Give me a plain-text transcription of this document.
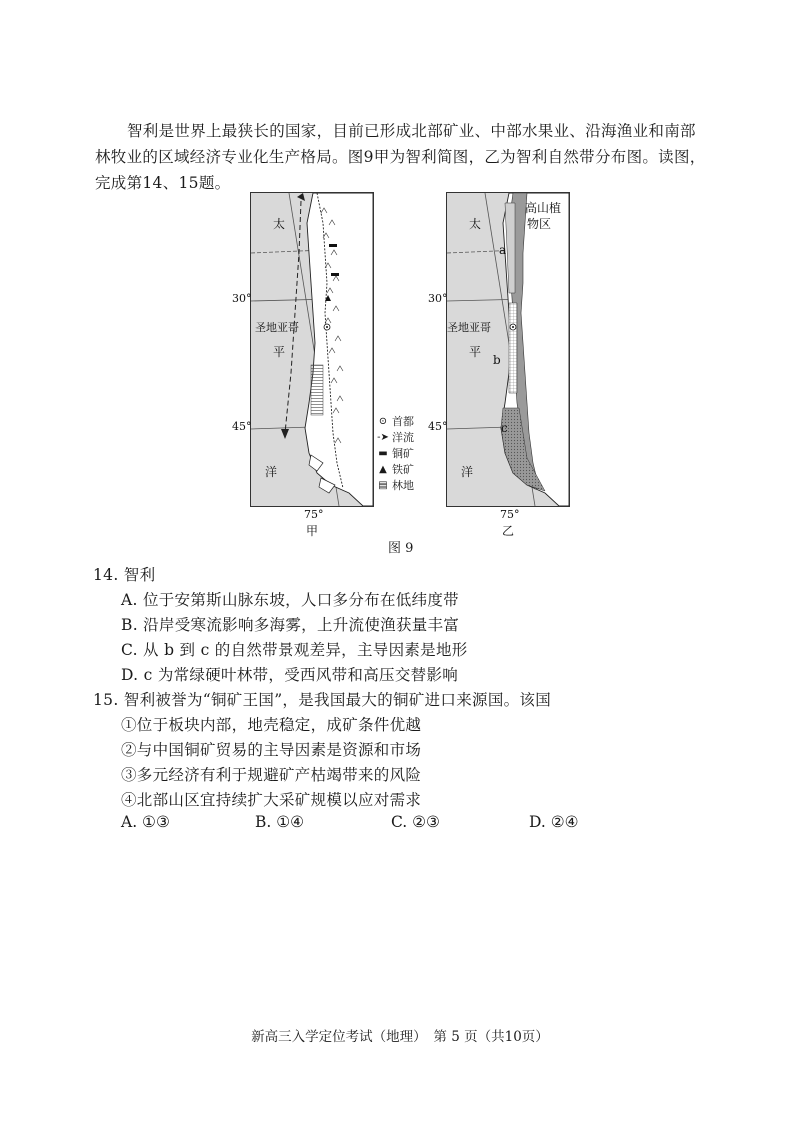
智利是世界上最狭长的国家，目前已形成北部矿业、中部水果业、沿海渔业和南部林牧业的区域经济专业化生产格局。图9甲为智利简图，乙为智利自然带分布图。读图，完成第14、15题。

太
平
洋
圣地亚哥
30°
45°
75°
甲
⊙ 首都
-➤ 洋流
▬ 铜矿
▲ 铁矿
▤ 林地
太
平
洋
圣地亚哥
高山植
物区
a
b
c
30°
45°
75°
乙
图 9

14. 智利

A. 位于安第斯山脉东坡，人口多分布在低纬度带

B. 沿岸受寒流影响多海雾，上升流使渔获量丰富

C. 从 b 到 c 的自然带景观差异，主导因素是地形

D. c 为常绿硬叶林带，受西风带和高压交替影响

15. 智利被誉为“铜矿王国”，是我国最大的铜矿进口来源国。该国

①位于板块内部，地壳稳定，成矿条件优越

②与中国铜矿贸易的主导因素是资源和市场

③多元经济有利于规避矿产枯竭带来的风险

④北部山区宜持续扩大采矿规模以应对需求

A. ①③	B. ①④	C. ②③	D. ②④
新高三入学定位考试（地理）　第 5 页（共10页）
